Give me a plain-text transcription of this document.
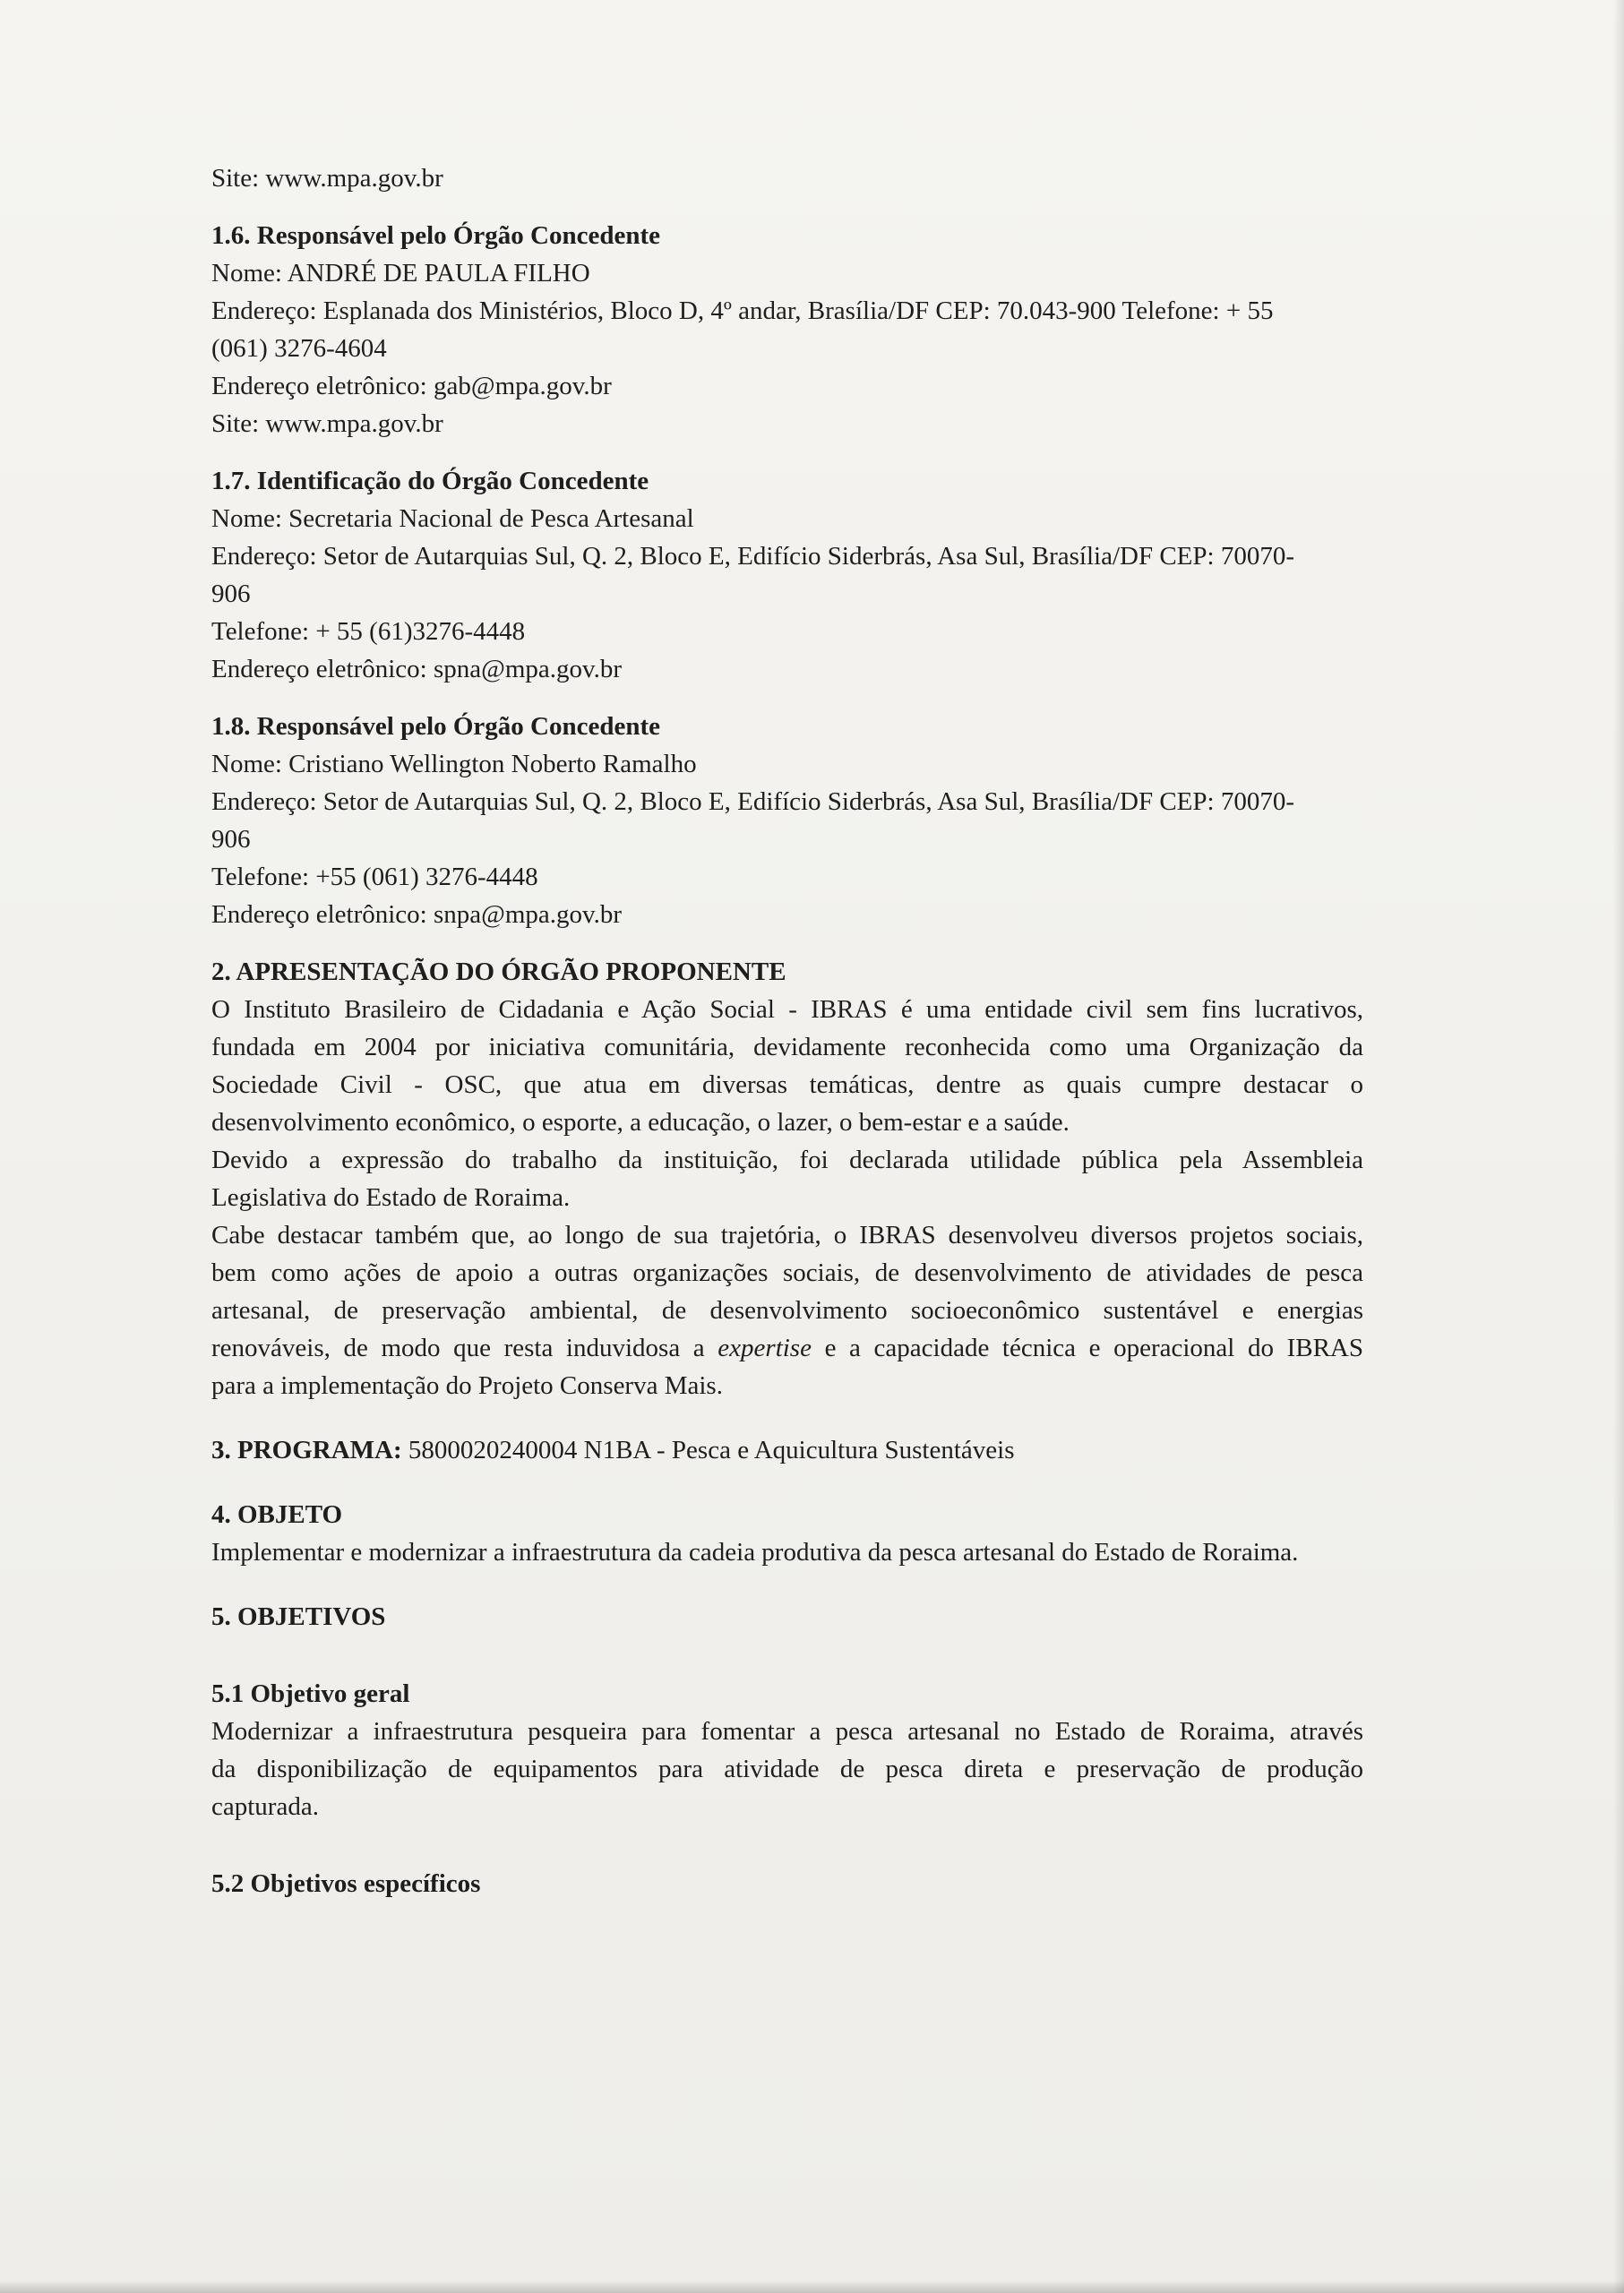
Site: www.mpa.gov.br
1.6. Responsável pelo Órgão Concedente
Nome: ANDRÉ DE PAULA FILHO
Endereço: Esplanada dos Ministérios, Bloco D, 4º andar, Brasília/DF CEP: 70.043-900 Telefone: + 55
(061) 3276-4604
Endereço eletrônico: gab@mpa.gov.br
Site: www.mpa.gov.br
1.7. Identificação do Órgão Concedente
Nome: Secretaria Nacional de Pesca Artesanal
Endereço: Setor de Autarquias Sul, Q. 2, Bloco E, Edifício Siderbrás, Asa Sul, Brasília/DF CEP: 70070-
906
Telefone: + 55 (61)3276-4448
Endereço eletrônico: spna@mpa.gov.br
1.8. Responsável pelo Órgão Concedente
Nome: Cristiano Wellington Noberto Ramalho
Endereço: Setor de Autarquias Sul, Q. 2, Bloco E, Edifício Siderbrás, Asa Sul, Brasília/DF CEP: 70070-
906
Telefone: +55 (061) 3276-4448
Endereço eletrônico: snpa@mpa.gov.br
2. APRESENTAÇÃO DO ÓRGÃO PROPONENTE
O Instituto Brasileiro de Cidadania e Ação Social - IBRAS é uma entidade civil sem fins lucrativos,
fundada em 2004 por iniciativa comunitária, devidamente reconhecida como uma Organização da
Sociedade Civil - OSC, que atua em diversas temáticas, dentre as quais cumpre destacar o
desenvolvimento econômico, o esporte, a educação, o lazer, o bem-estar e a saúde.
Devido a expressão do trabalho da instituição, foi declarada utilidade pública pela Assembleia
Legislativa do Estado de Roraima.
Cabe destacar também que, ao longo de sua trajetória, o IBRAS desenvolveu diversos projetos sociais,
bem como ações de apoio a outras organizações sociais, de desenvolvimento de atividades de pesca
artesanal, de preservação ambiental, de desenvolvimento socioeconômico sustentável e energias
renováveis, de modo que resta induvidosa a expertise e a capacidade técnica e operacional do IBRAS
para a implementação do Projeto Conserva Mais.
3. PROGRAMA: 5800020240004 N1BA - Pesca e Aquicultura Sustentáveis
4. OBJETO
Implementar e modernizar a infraestrutura da cadeia produtiva da pesca artesanal do Estado de Roraima.
5. OBJETIVOS
5.1 Objetivo geral
Modernizar a infraestrutura pesqueira para fomentar a pesca artesanal no Estado de Roraima, através
da disponibilização de equipamentos para atividade de pesca direta e preservação de produção
capturada.
5.2 Objetivos específicos
